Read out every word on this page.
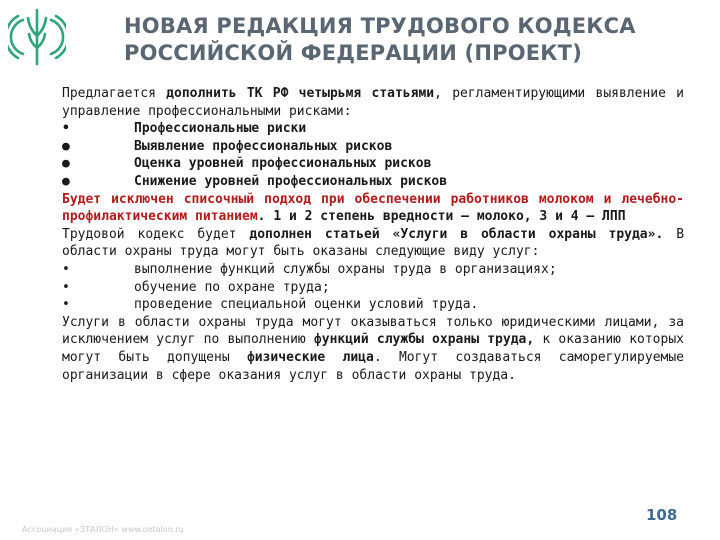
НОВАЯ РЕДАКЦИЯ ТРУДОВОГО КОДЕКСА
РОССИЙСКОЙ ФЕДЕРАЦИИ (ПРОЕКТ)

Предлагается дополнить ТК РФ четырьмя статьями, регламентирующими выявление и управление профессиональными рисками:

•	Профессиональные риски
●	Выявление профессиональных рисков
●	Оценка уровней профессиональных рисков
●	Снижение уровней профессиональных рисков

Будет исключен списочный подход при обеспечении работников молоком и лечебно-профилактическим питанием. 1 и 2 степень вредности – молоко, 3 и 4 – ЛПП

Трудовой кодекс будет дополнен статьей «Услуги в области охраны труда». В области охраны труда могут быть оказаны следующие виду услуг:

•	выполнение функций службы охраны труда в организациях;
•	обучение по охране труда;
•	проведение специальной оценки условий труда.

Услуги в области охраны труда могут оказываться только юридическими лицами, за исключением услуг по выполнению функций службы охраны труда, к оказанию которых могут быть допущены физические лица. Могут создаваться саморегулируемые организации в сфере оказания услуг в области охраны труда.

Ассоциация «ЭТАЛОН» www.oetalon.ru
108
